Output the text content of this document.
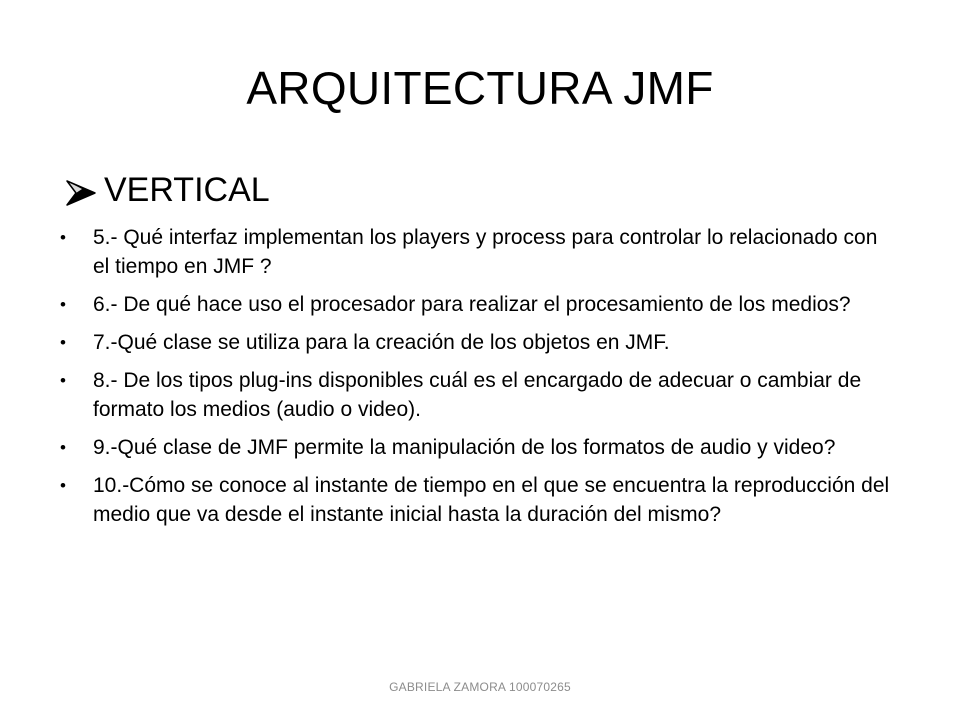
ARQUITECTURA JMF
VERTICAL
•	5.- Qué interfaz implementan los players y process para controlar lo relacionado con el tiempo en JMF ?
•	6.- De qué hace uso el procesador para realizar el procesamiento de los medios?
•	7.-Qué clase se utiliza para la creación de los objetos en JMF.
•	8.- De los tipos plug-ins disponibles cuál es el encargado de adecuar o cambiar de formato los medios (audio o video).
•	9.-Qué clase de JMF permite la manipulación de los formatos de audio y video?
•	10.-Cómo se conoce al instante de tiempo en el que se encuentra la reproducción del medio que va desde el instante inicial hasta la duración del mismo?
GABRIELA ZAMORA 100070265
